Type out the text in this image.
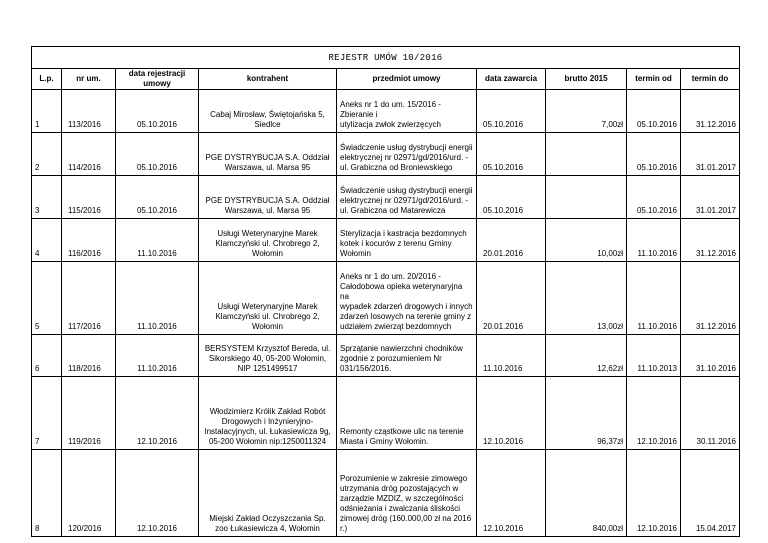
REJESTR UMÓW 10/2016								
L.p.	nr um.	data rejestracji umowy	kontrahent	przedmiot umowy	data zawarcia	brutto 2015	termin od	termin do
1	113/2016	05.10.2016	Cabaj Mirosław, Świętojańska 5,
Siedlce	Aneks nr 1 do um. 15/2016 - Zbieranie i
utylizacja zwłok zwierzęcych	05.10.2016	7,00zł	05.10.2016	31.12.2016
2	114/2016	05.10.2016	PGE DYSTRYBUCJA S.A. Oddział
Warszawa, ul. Marsa 95	Świadczenie usług dystrybucji energii
elektrycznej nr 02971/gd/2016/urd. -
ul. Grabiczna od Broniewskiego	05.10.2016		05.10.2016	31.01.2017
3	115/2016	05.10.2016	PGE DYSTRYBUCJA S.A. Oddział
Warszawa, ul. Marsa 95	Świadczenie usług dystrybucji energii
elektrycznej nr 02971/gd/2016/urd. -
ul. Grabiczna od Matarewicza	05.10.2016		05.10.2016	31.01.2017
4	116/2016	11.10.2016	Usługi Weterynaryjne Marek
Klamczyński ul. Chrobrego 2,
Wołomin	Sterylizacja i kastracja bezdomnych
kotek i kocurów z terenu Gminy
Wołomin	20.01.2016	10,00zł	11.10.2016	31.12.2016
5	117/2016	11.10.2016	Usługi Weterynaryjne Marek
Klamczyński ul. Chrobrego 2,
Wołomin	Aneks nr 1 do um. 20/2016 -
Całodobowa opieka weterynaryjna na
wypadek zdarzeń drogowych i innych
zdarzeń losowych na terenie gminy z
udziałem zwierząt bezdomnych	20.01.2016	13,00zł	11.10.2016	31.12.2016
6	118/2016	11.10.2016	BERSYSTEM Krzysztof Bereda, ul.
Sikorskiego 40, 05-200 Wołomin,
NIP 1251499517	Sprzątanie nawierzchni chodników
zgodnie z porozumieniem Nr
031/156/2016.	11.10.2016	12,62zł	11.10.2013	31.10.2016
7	119/2016	12.10.2016	Włodzimierz Królik Zakład Robót
Drogowych i Inżynieryjno-
Instalacyjnych, ul. Łukasiewicza 9g,
05-200 Wołomin nip:1250011324	Remonty cząstkowe ulic na terenie
Miasta i Gminy Wołomin.	12.10.2016	96,37zł	12.10.2016	30.11.2016
8	120/2016	12.10.2016	Miejski Zakład Oczyszczania Sp.
zoo Łukasiewicza 4, Wołomin	Porozumienie w zakresie zimowego
utrzymania dróg pozostających w
zarządzie MZDIZ, w szczególności
odśnieżania i zwalczania śliskości
zimowej dróg (160.000,00 zł na 2016 r.)	12.10.2016	840,00zł	12.10.2016	15.04.2017
